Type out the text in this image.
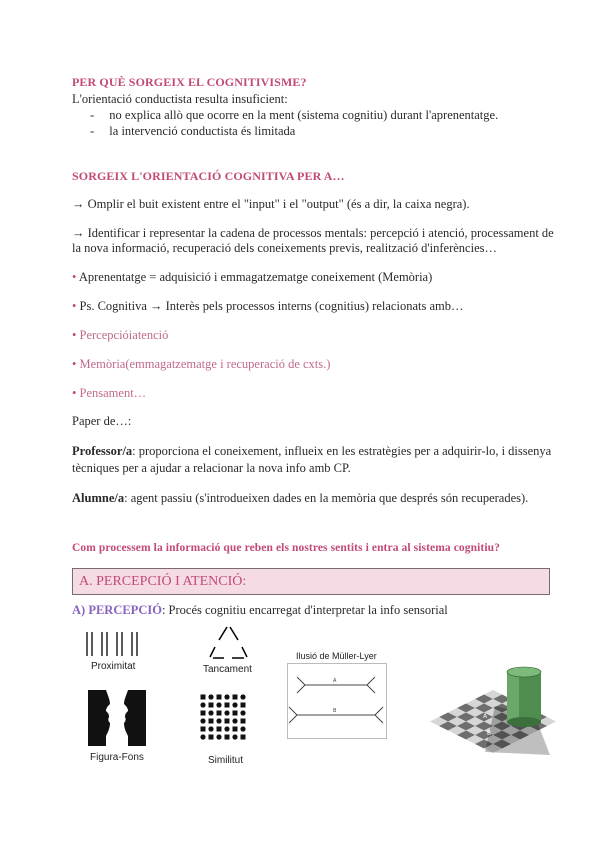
PER QUÈ SORGEIX EL COGNITIVISME?
L'orientació conductista resulta insuficient:
- no explica allò que ocorre en la ment (sistema cognitiu) durant l'aprenentatge.
- la intervenció conductista és limitada
SORGEIX L'ORIENTACIÓ COGNITIVA PER A…
→ Omplir el buit existent entre el "input" i el "output" (és a dir, la caixa negra).
→ Identificar i representar la cadena de processos mentals: percepció i atenció, processament de
la nova informació, recuperació dels coneixements previs, realització d'inferències…
• Aprenentatge = adquisició i emmagatzematge coneixement (Memòria)
• Ps. Cognitiva → Interès pels processos interns (cognitius) relacionats amb…
• Percepcióiatenció
• Memòria(emmagatzematge i recuperació de cxts.)
• Pensament…
Paper de…:
Professor/a: proporciona el coneixement, influeix en les estratègies per a adquirir-lo, i dissenya
tècniques per a ajudar a relacionar la nova info amb CP.
Alumne/a: agent passiu (s'introdueixen dades en la memòria que després són recuperades).
Com processem la informació que reben els nostres sentits i entra al sistema cognitiu?
A. PERCEPCIÓ I ATENCIÓ:
A) PERCEPCIÓ: Procés cognitiu encarregat d'interpretar la info sensorial
Proximitat	Tancament
Ilusió de Müller-Lyer
A
B
Figura-Fons	Similitut
A
B
